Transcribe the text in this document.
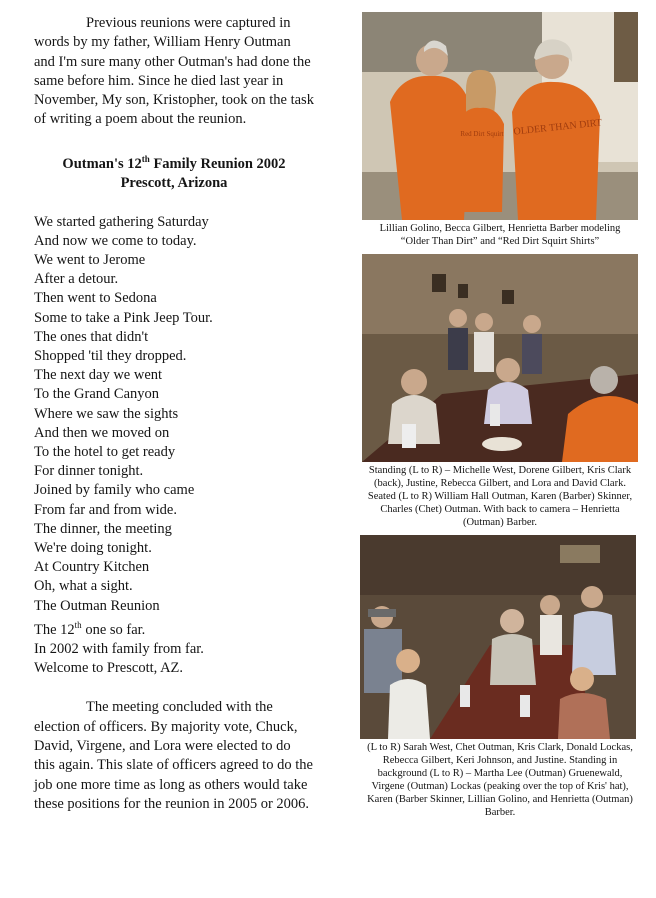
Previous reunions were captured in words by my father, William Henry Outman and I'm sure many other Outman's had done the same before him. Since he died last year in November, My son, Kristopher, took on the task of writing a poem about the reunion.

Outman's 12th Family Reunion 2002
Prescott, Arizona
We started gathering Saturday
And now we come to today.
We went to Jerome
After a detour.
Then went to Sedona
Some to take a Pink Jeep Tour.
The ones that didn't
Shopped 'til they dropped.
The next day we went
To the Grand Canyon
Where we saw the sights
And then we moved on
To the hotel to get ready
For dinner tonight.
Joined by family who came
From far and from wide.
The dinner, the meeting
We're doing tonight.
At Country Kitchen
Oh, what a sight.
The Outman Reunion
The 12th one so far.
In 2002 with family from far.
Welcome to Prescott, AZ.

The meeting concluded with the election of officers. By majority vote, Chuck, David, Virgene, and Lora were elected to do this again. This slate of officers agreed to do the job one more time as long as others would take these positions for the reunion in 2005 or 2006.

OLDER THAN DIRT
Red Dirt Squirt
Lillian Golino, Becca Gilbert, Henrietta Barber modeling “Older Than Dirt” and “Red Dirt Squirt Shirts”
Standing (L to R) – Michelle West, Dorene Gilbert, Kris Clark (back), Justine, Rebecca Gilbert, and Lora and David Clark. Seated (L to R) William Hall Outman, Karen (Barber) Skinner, Charles (Chet) Outman. With back to camera – Henrietta (Outman) Barber.
(L to R) Sarah West, Chet Outman, Kris Clark, Donald Lockas, Rebecca Gilbert, Keri Johnson, and Justine. Standing in background (L to R) – Martha Lee (Outman) Gruenewald, Virgene (Outman) Lockas (peaking over the top of Kris' hat), Karen (Barber Skinner, Lillian Golino, and Henrietta (Outman) Barber.
